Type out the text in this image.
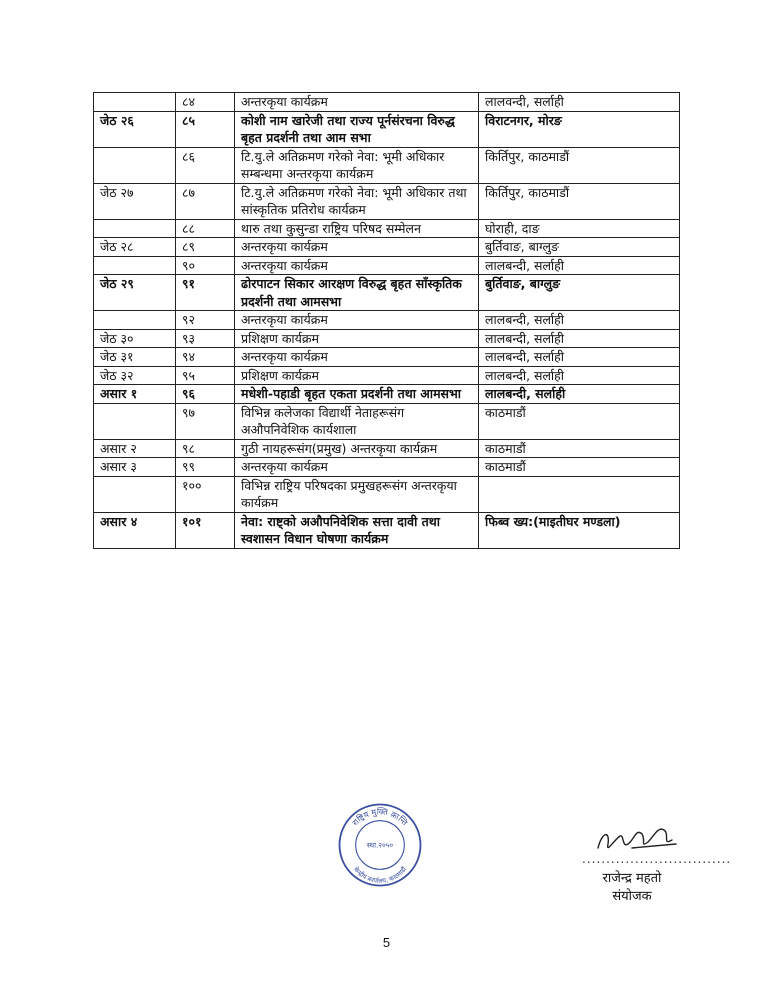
	८४	अन्तरकृया कार्यक्रम	लालवन्दी, सर्लाही
जेठ २६	८५	कोशी नाम खारेजी तथा राज्य पूर्नसंरचना विरुद्ध बृहत प्रदर्शनी तथा आम सभा	विराटनगर, मोरङ
	८६	टि.यु.ले अतिक्रमण गरेको नेवा: भूमी अधिकार सम्बन्धमा अन्तरकृया कार्यक्रम	किर्तिपुर, काठमाडौं
जेठ २७	८७	टि.यु.ले अतिक्रमण गरेको नेवा: भूमी अधिकार तथा सांस्कृतिक प्रतिरोध कार्यक्रम	किर्तिपुर, काठमाडौं
	८८	थारु तथा कुसुन्डा राष्ट्रिय परिषद सम्मेलन	घोराही, दाङ
जेठ २८	८९	अन्तरकृया कार्यक्रम	बुर्तिवाङ, बाग्लुङ
	९०	अन्तरकृया कार्यक्रम	लालबन्दी, सर्लाही
जेठ २९	९१	ढोरपाटन सिकार आरक्षण विरुद्ध बृहत साँस्कृतिक प्रदर्शनी तथा आमसभा	बुर्तिवाङ, बाग्लुङ
	९२	अन्तरकृया कार्यक्रम	लालबन्दी, सर्लाही
जेठ ३०	९३	प्रशिक्षण कार्यक्रम	लालबन्दी, सर्लाही
जेठ ३१	९४	अन्तरकृया कार्यक्रम	लालबन्दी, सर्लाही
जेठ ३२	९५	प्रशिक्षण कार्यक्रम	लालबन्दी, सर्लाही
असार १	९६	मधेशी-पहाडी बृहत एकता प्रदर्शनी तथा आमसभा	लालबन्दी, सर्लाही
	९७	विभिन्न कलेजका विद्यार्थी नेताहरूसंग अऔपनिवेशिक कार्यशाला	काठमाडौं
असार २	९८	गुठी नायहरूसंग(प्रमुख) अन्तरकृया कार्यक्रम	काठमाडौं
असार ३	९९	अन्तरकृया कार्यक्रम	काठमाडौं
	१००	विभिन्न राष्ट्रिय परिषदका प्रमुखहरूसंग अन्तरकृया कार्यक्रम	
असार ४	१०१	नेवा: राष्ट्को अऔपनिवेशिक सत्ता दावी तथा स्वशासन विधान घोषणा कार्यक्रम	फिब्व ख्य:(माइतीघर मण्डला)
राष्ट्रिय मुक्ति क्रान्ति
केन्द्रीय कार्यालय, काठमाडौं
स्था.२०५०
...............................
राजेन्द्र महतो
संयोजक
5
